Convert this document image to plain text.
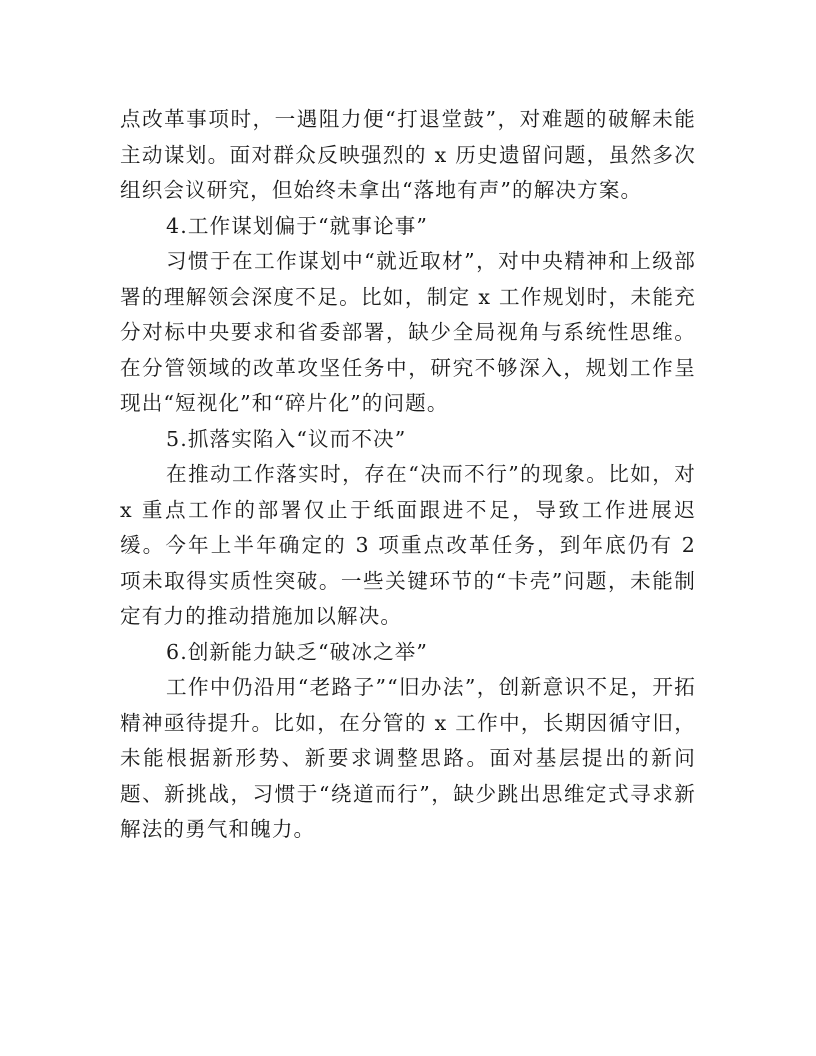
点改革事项时，一遇阻力便“打退堂鼓”，对难题的破解未能主动谋划。面对群众反映强烈的 x 历史遗留问题，虽然多次组织会议研究，但始终未拿出“落地有声”的解决方案。

4.工作谋划偏于“就事论事”

习惯于在工作谋划中“就近取材”，对中央精神和上级部署的理解领会深度不足。比如，制定 x 工作规划时，未能充分对标中央要求和省委部署，缺少全局视角与系统性思维。在分管领域的改革攻坚任务中，研究不够深入，规划工作呈现出“短视化”和“碎片化”的问题。

5.抓落实陷入“议而不决”

在推动工作落实时，存在“决而不行”的现象。比如，对 x 重点工作的部署仅止于纸面跟进不足，导致工作进展迟缓。今年上半年确定的 3 项重点改革任务，到年底仍有 2 项未取得实质性突破。一些关键环节的“卡壳”问题，未能制定有力的推动措施加以解决。

6.创新能力缺乏“破冰之举”

工作中仍沿用“老路子”“旧办法”，创新意识不足，开拓精神亟待提升。比如，在分管的 x 工作中，长期因循守旧，未能根据新形势、新要求调整思路。面对基层提出的新问题、新挑战，习惯于“绕道而行”，缺少跳出思维定式寻求新解法的勇气和魄力。
